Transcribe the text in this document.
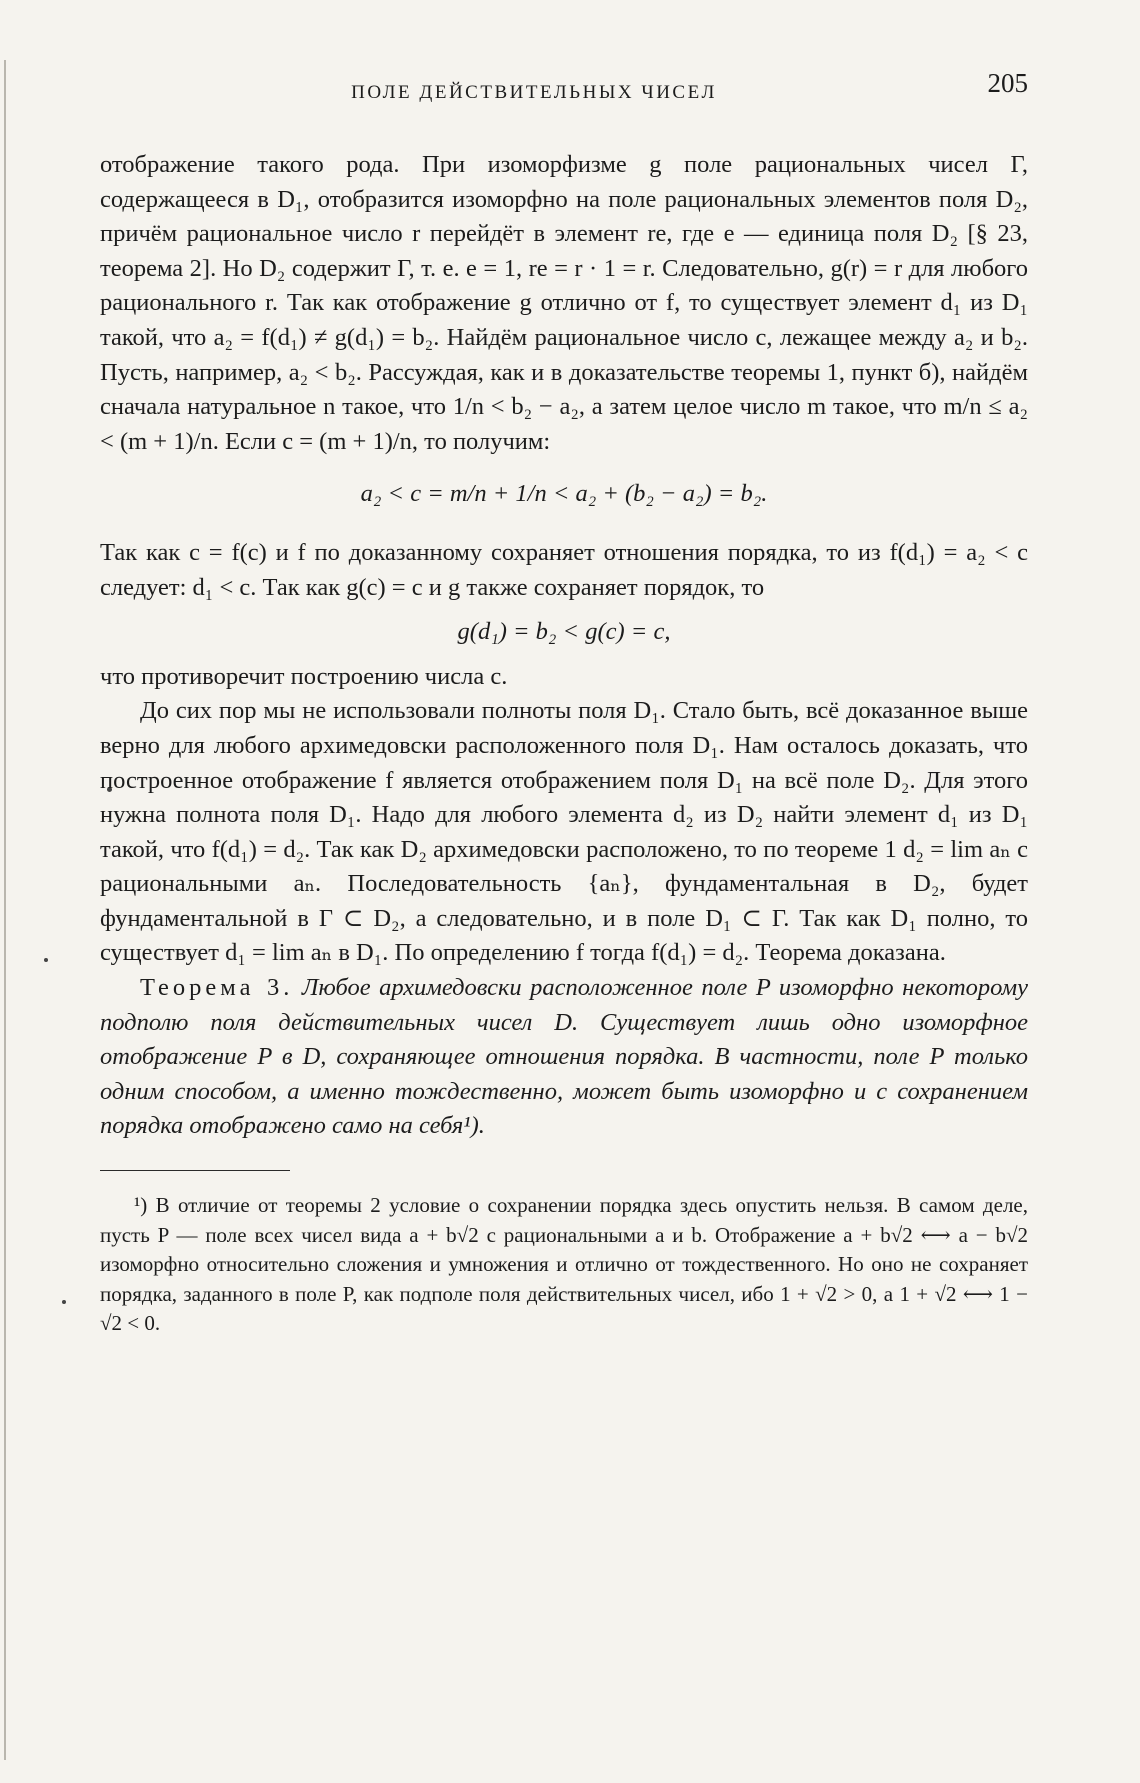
ПОЛЕ ДЕЙСТВИТЕЛЬНЫХ ЧИСЕЛ	205

отображение такого рода. При изоморфизме g поле рациональных чисел Г, содержащееся в D₁, отобразится изоморфно на поле рациональных элементов поля D₂, причём рациональное число r перейдёт в элемент re, где e — единица поля D₂ [§ 23, теорема 2]. Но D₂ содержит Г, т. е. e = 1, re = r · 1 = r. Следовательно, g(r) = r для любого рационального r. Так как отображение g отлично от f, то существует элемент d₁ из D₁ такой, что a₂ = f(d₁) ≠ g(d₁) = b₂. Найдём рациональное число c, лежащее между a₂ и b₂. Пусть, например, a₂ < b₂. Рассуждая, как и в доказательстве теоремы 1, пункт б), найдём сначала натуральное n такое, что 1/n < b₂ − a₂, а затем целое число m такое, что m/n ≤ a₂ < (m + 1)/n. Если c = (m + 1)/n, то получим:

a₂ < c = m/n + 1/n < a₂ + (b₂ − a₂) = b₂.

Так как c = f(c) и f по доказанному сохраняет отношения порядка, то из f(d₁) = a₂ < c следует: d₁ < c. Так как g(c) = c и g также сохраняет порядок, то

g(d₁) = b₂ < g(c) = c,

что противоречит построению числа c.

До сих пор мы не использовали полноты поля D₁. Стало быть, всё доказанное выше верно для любого архимедовски расположенного поля D₁. Нам осталось доказать, что построенное отображение f является отображением поля D₁ на всё поле D₂. Для этого нужна полнота поля D₁. Надо для любого элемента d₂ из D₂ найти элемент d₁ из D₁ такой, что f(d₁) = d₂. Так как D₂ архимедовски расположено, то по теореме 1 d₂ = lim aₙ с рациональными aₙ. Последовательность {aₙ}, фундаментальная в D₂, будет фундаментальной в Г ⊂ D₂, а следовательно, и в поле D₁ ⊂ Г. Так как D₁ полно, то существует d₁ = lim aₙ в D₁. По определению f тогда f(d₁) = d₂. Теорема доказана.

Теорема 3. Любое архимедовски расположенное поле P изоморфно некоторому подполю поля действительных чисел D. Существует лишь одно изоморфное отображение P в D, сохраняющее отношения порядка. В частности, поле P только одним способом, а именно тождественно, может быть изоморфно и с сохранением порядка отображено само на себя¹).

¹) В отличие от теоремы 2 условие о сохранении порядка здесь опустить нельзя. В самом деле, пусть P — поле всех чисел вида a + b√2 с рациональными a и b. Отображение a + b√2 ⟷ a − b√2 изоморфно относительно сложения и умножения и отлично от тождественного. Но оно не сохраняет порядка, заданного в поле P, как подполе поля действительных чисел, ибо 1 + √2 > 0, а 1 + √2 ⟷ 1 − √2 < 0.
